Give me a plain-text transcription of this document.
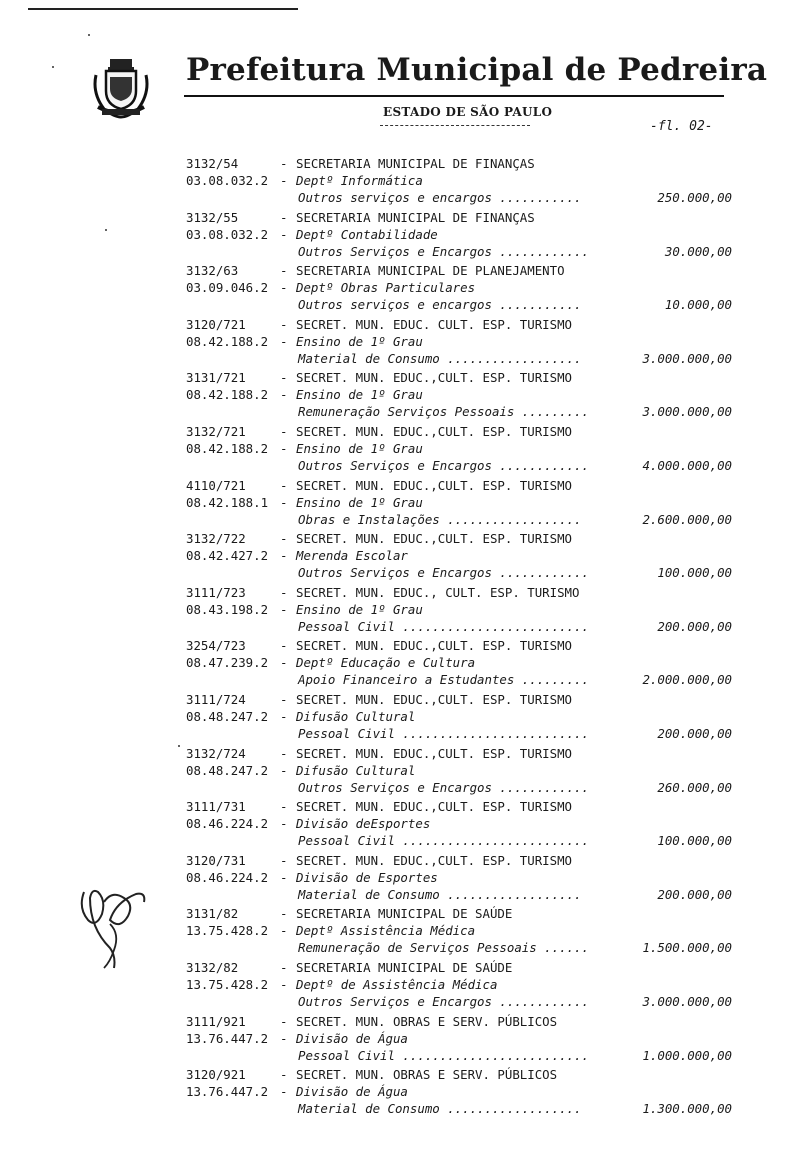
Prefeitura Municipal de Pedreira
ESTADO DE SÃO PAULO
-fl. 02-
3132/54	- SECRETARIA MUNICIPAL DE FINANÇAS
03.08.032.2 - Deptº Informática
Outros serviços e encargos ...........	250.000,00
3132/55	- SECRETARIA MUNICIPAL DE FINANÇAS
03.08.032.2 - Deptº Contabilidade
Outros Serviços e Encargos ............	30.000,00
3132/63	- SECRETARIA MUNICIPAL DE PLANEJAMENTO
03.09.046.2 - Deptº Obras Particulares
Outros serviços e encargos ...........	10.000,00
3120/721	- SECRET. MUN. EDUC. CULT. ESP. TURISMO
08.42.188.2 - Ensino de 1º Grau
Material de Consumo ..................	3.000.000,00
3131/721	- SECRET. MUN. EDUC.,CULT. ESP. TURISMO
08.42.188.2 - Ensino de 1º Grau
Remuneração Serviços Pessoais .........	3.000.000,00
3132/721	- SECRET. MUN. EDUC.,CULT. ESP. TURISMO
08.42.188.2 - Ensino de 1º Grau
Outros Serviços e Encargos ............	4.000.000,00
4110/721	- SECRET. MUN. EDUC.,CULT. ESP. TURISMO
08.42.188.1 - Ensino de 1º Grau
Obras e Instalações ..................	2.600.000,00
3132/722	- SECRET. MUN. EDUC.,CULT. ESP. TURISMO
08.42.427.2 - Merenda Escolar
Outros Serviços e Encargos ............	100.000,00
3111/723	- SECRET. MUN. EDUC., CULT. ESP. TURISMO
08.43.198.2 - Ensino de 1º Grau
Pessoal Civil .........................	200.000,00
3254/723	- SECRET. MUN. EDUC.,CULT. ESP. TURISMO
08.47.239.2 - Deptº Educação e Cultura
Apoio Financeiro a Estudantes .........	2.000.000,00
3111/724	- SECRET. MUN. EDUC.,CULT. ESP. TURISMO
08.48.247.2 - Difusão Cultural
Pessoal Civil .........................	200.000,00
3132/724	- SECRET. MUN. EDUC.,CULT. ESP. TURISMO
08.48.247.2 - Difusão Cultural
Outros Serviços e Encargos ............	260.000,00
3111/731	- SECRET. MUN. EDUC.,CULT. ESP. TURISMO
08.46.224.2 - Divisão deEsportes
Pessoal Civil .........................	100.000,00
3120/731	- SECRET. MUN. EDUC.,CULT. ESP. TURISMO
08.46.224.2 - Divisão de Esportes
Material de Consumo ..................	200.000,00
3131/82	- SECRETARIA MUNICIPAL DE SAÚDE
13.75.428.2 - Deptº Assistência Médica
Remuneração de Serviços Pessoais ......	1.500.000,00
3132/82	- SECRETARIA MUNICIPAL DE SAÚDE
13.75.428.2 - Deptº de Assistência Médica
Outros Serviços e Encargos ............	3.000.000,00
3111/921	- SECRET. MUN. OBRAS E SERV. PÚBLICOS
13.76.447.2 - Divisão de Água
Pessoal Civil .........................	1.000.000,00
3120/921	- SECRET. MUN. OBRAS E SERV. PÚBLICOS
13.76.447.2 - Divisão de Água
Material de Consumo ..................	1.300.000,00
